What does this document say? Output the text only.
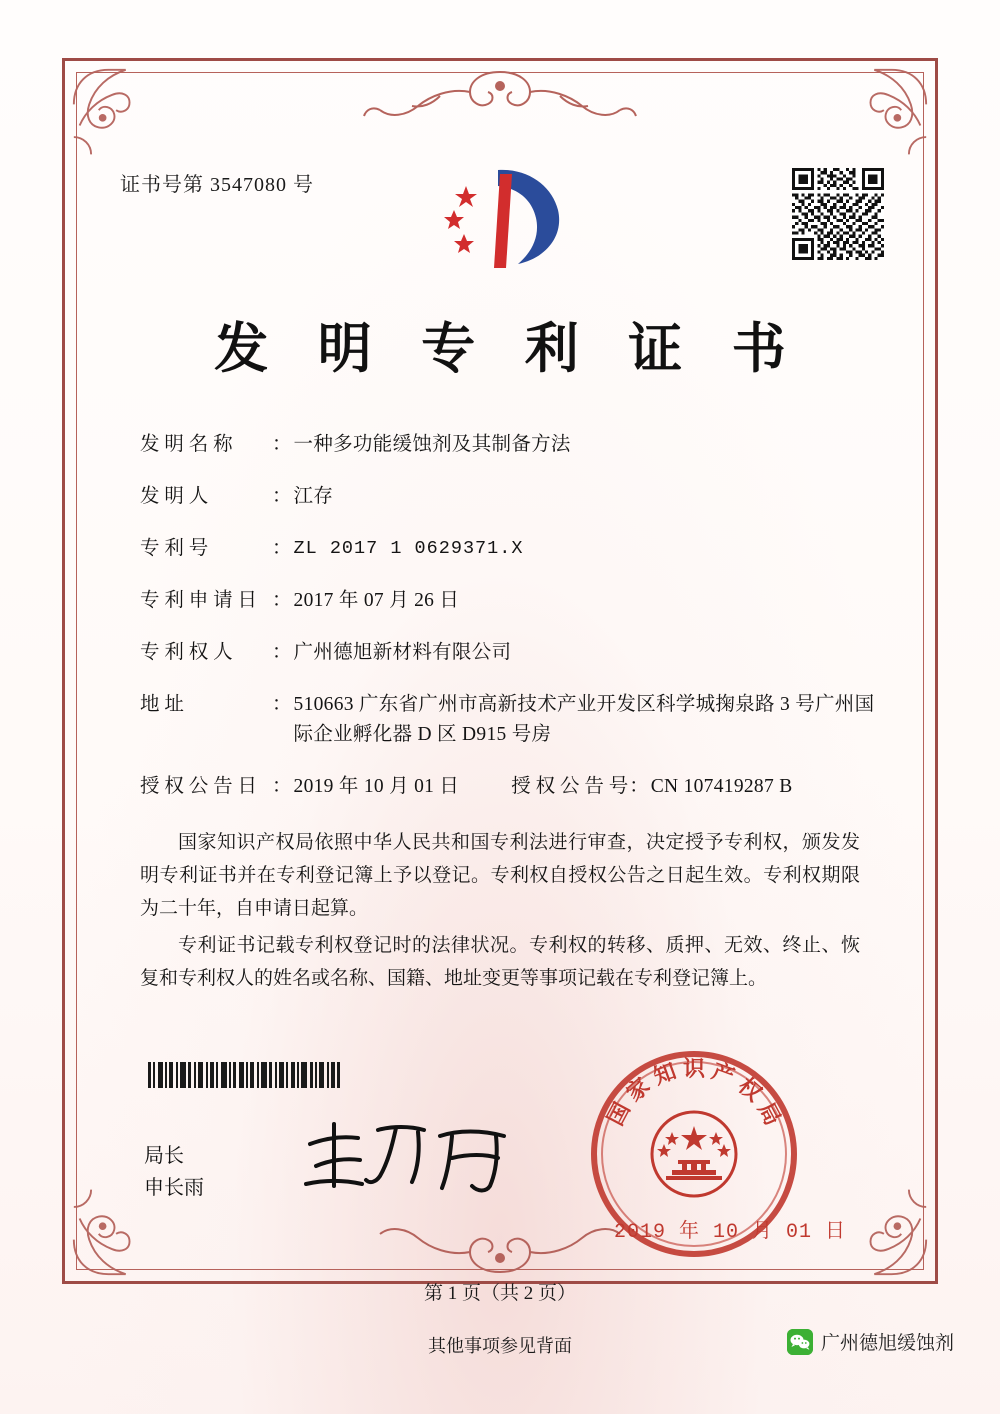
证书号第 3547080 号
发 明 专 利 证 书
发 明 名 称	： 一种多功能缓蚀剂及其制备方法
发 明 人	： 江存
专 利 号	： ZL 2017 1 0629371.X
专 利 申 请 日 ： 2017 年 07 月 26 日
专 利 权 人	： 广州德旭新材料有限公司
地 址	： 510663 广东省广州市高新技术产业开发区科学城掬泉路 3 号广州国际企业孵化器 D 区 D915 号房
授 权 公 告 日 ： 2019 年 10 月 01 日	授 权 公 告 号 ： CN 107419287 B

国家知识产权局依照中华人民共和国专利法进行审查，决定授予专利权，颁发发明专利证书并在专利登记簿上予以登记。专利权自授权公告之日起生效。专利权期限为二十年，自申请日起算。

专利证书记载专利权登记时的法律状况。专利权的转移、质押、无效、终止、恢复和专利权人的姓名或名称、国籍、地址变更等事项记载在专利登记簿上。

局长
申长雨
国
家
知 识 产
权
局
2019 年 10 月 01 日
第 1 页（共 2 页）
其他事项参见背面	广州德旭缓蚀剂
